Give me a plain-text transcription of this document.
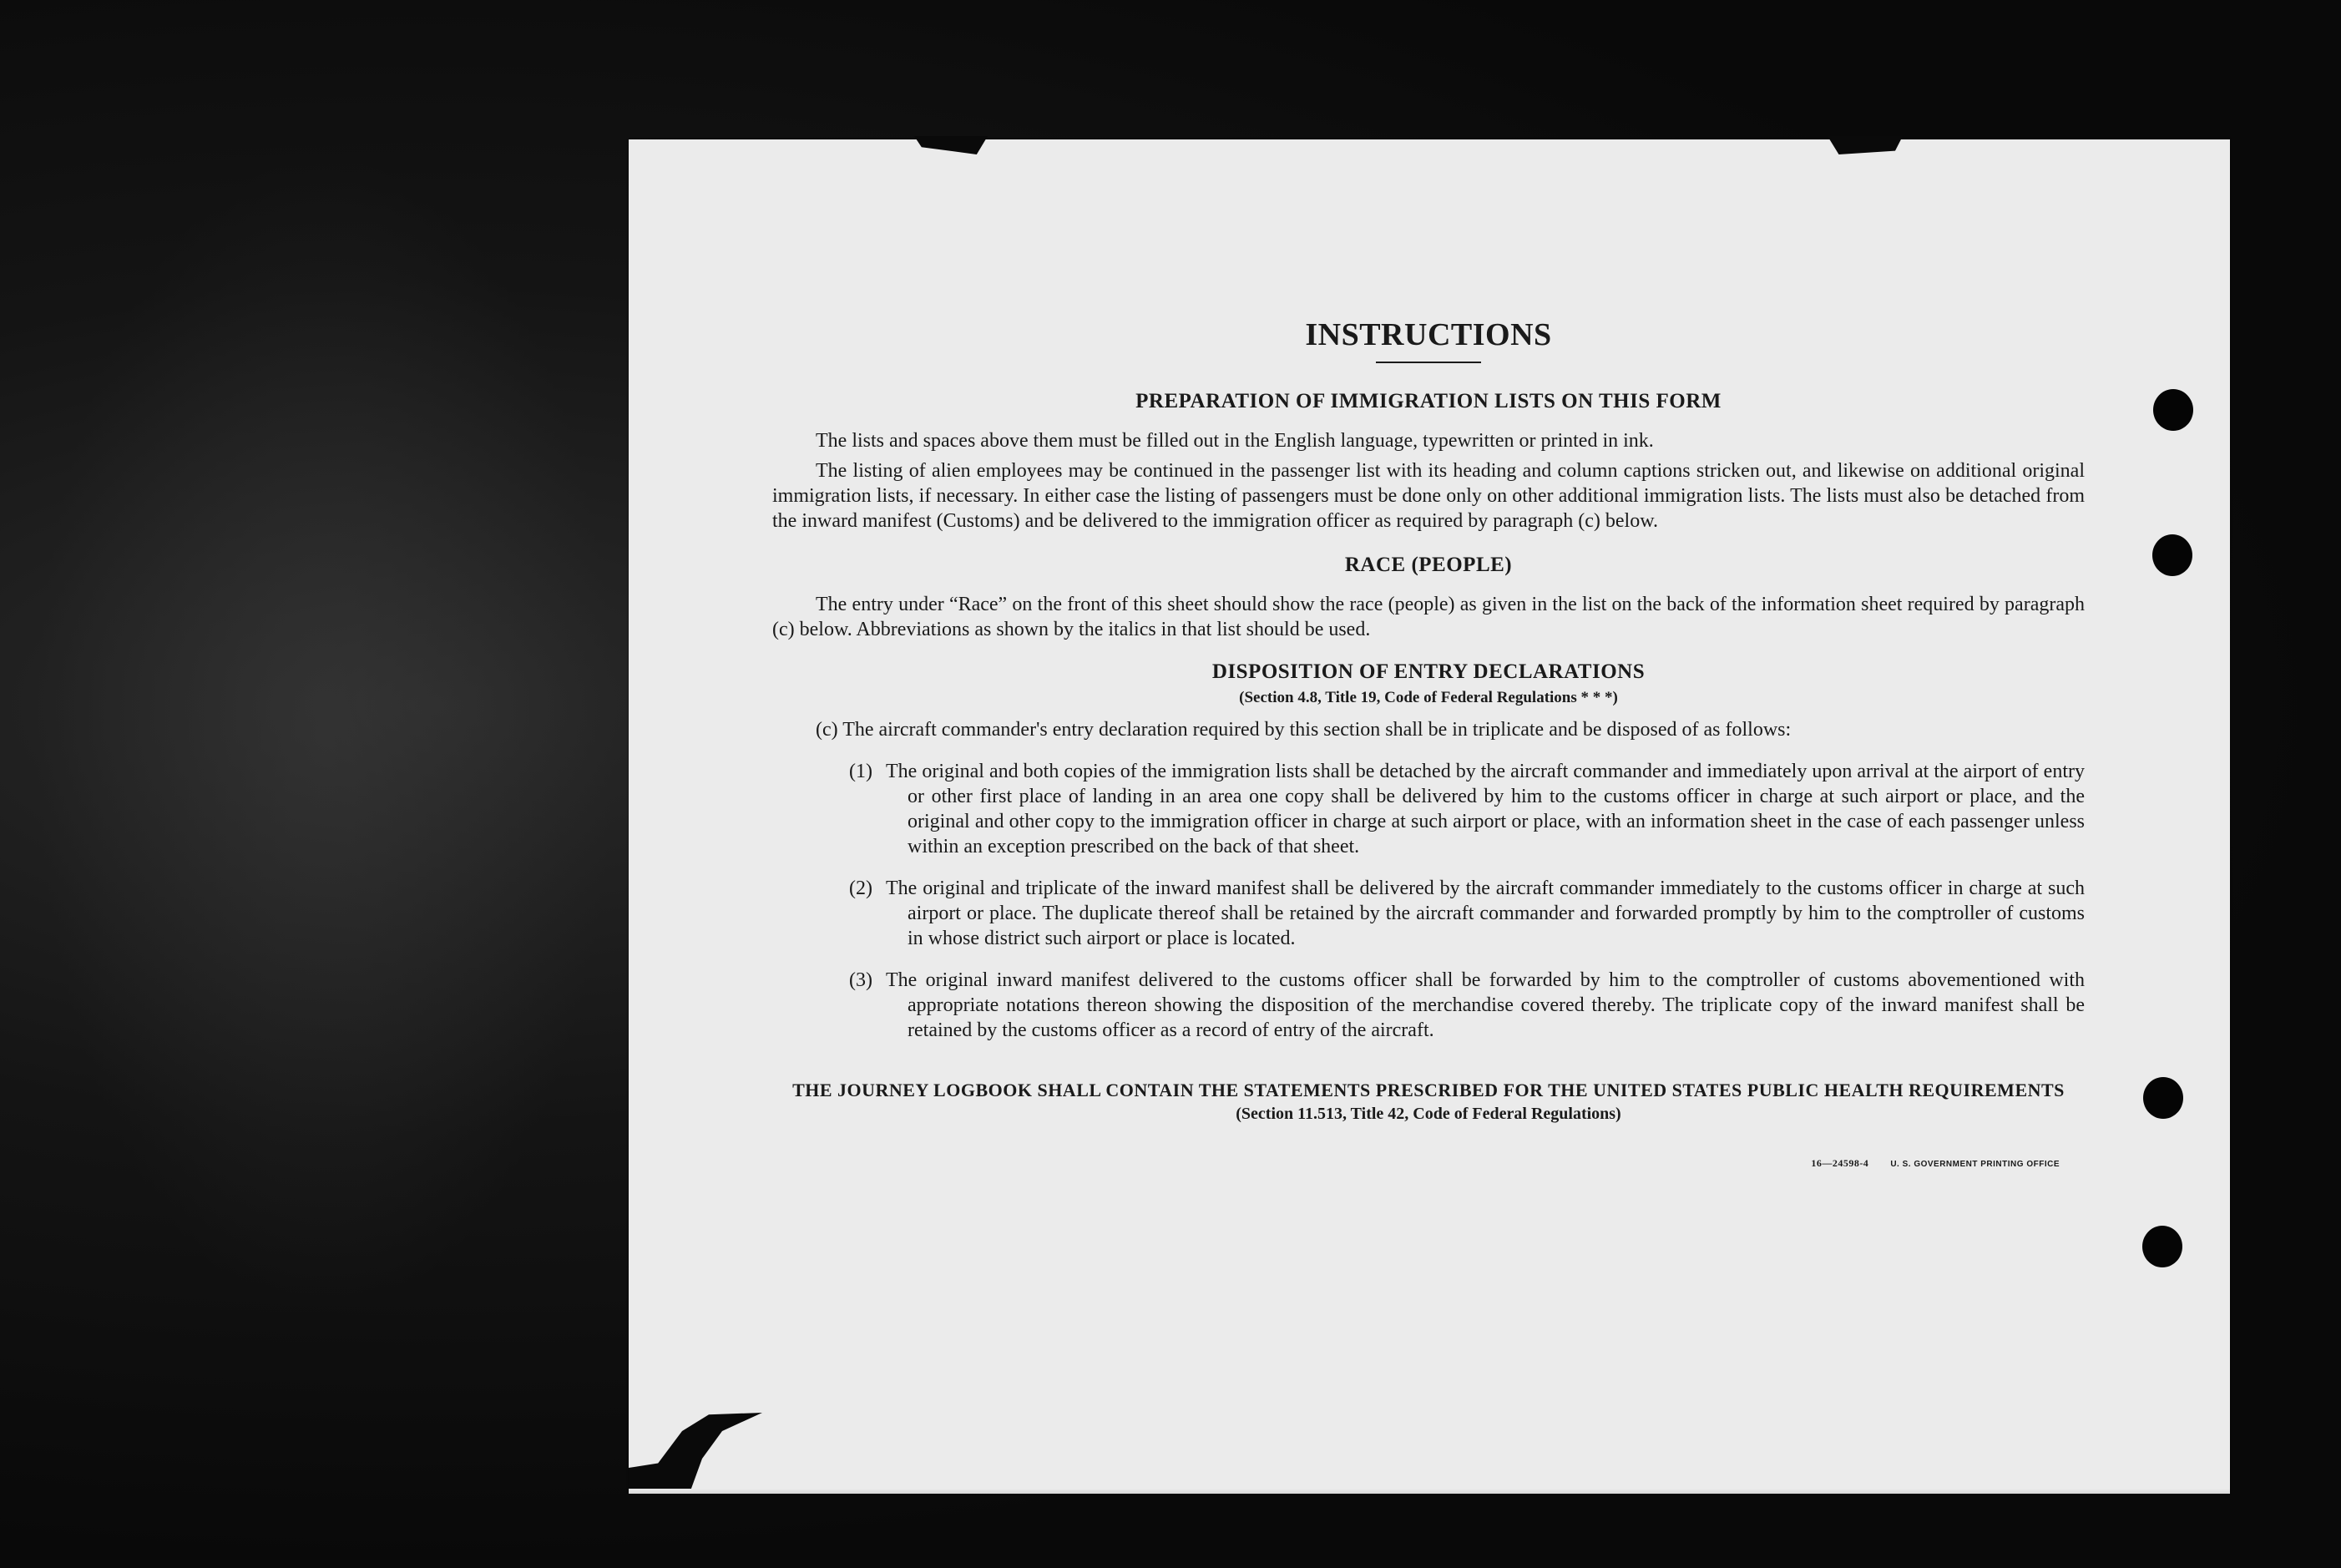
INSTRUCTIONS
PREPARATION OF IMMIGRATION LISTS ON THIS FORM

The lists and spaces above them must be filled out in the English language, typewritten or printed in ink.

The listing of alien employees may be continued in the passenger list with its heading and column captions stricken out, and likewise on additional original immigration lists, if necessary. In either case the listing of passengers must be done only on other additional immigration lists. The lists must also be detached from the inward manifest (Customs) and be delivered to the immigration officer as required by paragraph (c) below.

RACE (PEOPLE)

The entry under “Race” on the front of this sheet should show the race (people) as given in the list on the back of the information sheet required by paragraph (c) below. Abbreviations as shown by the italics in that list should be used.

DISPOSITION OF ENTRY DECLARATIONS
(Section 4.8, Title 19, Code of Federal Regulations * * *)

(c) The aircraft commander's entry declaration required by this section shall be in triplicate and be disposed of as follows:

(1) The original and both copies of the immigration lists shall be detached by the aircraft commander and immediately upon arrival at the airport of entry or other first place of landing in an area one copy shall be delivered by him to the customs officer in charge at such airport or place, and the original and other copy to the immigration officer in charge at such airport or place, with an information sheet in the case of each passenger unless within an exception prescribed on the back of that sheet.

(2) The original and triplicate of the inward manifest shall be delivered by the aircraft commander immediately to the customs officer in charge at such airport or place. The duplicate thereof shall be retained by the aircraft commander and forwarded promptly by him to the comptroller of customs in whose district such airport or place is located.

(3) The original inward manifest delivered to the customs officer shall be forwarded by him to the comptroller of customs abovementioned with appropriate notations thereon showing the disposition of the merchandise covered thereby. The triplicate copy of the inward manifest shall be retained by the customs officer as a record of entry of the aircraft.

THE JOURNEY LOGBOOK SHALL CONTAIN THE STATEMENTS PRESCRIBED FOR THE UNITED STATES PUBLIC HEALTH REQUIREMENTS
(Section 11.513, Title 42, Code of Federal Regulations)
16—24598-4	U. S. GOVERNMENT PRINTING OFFICE
